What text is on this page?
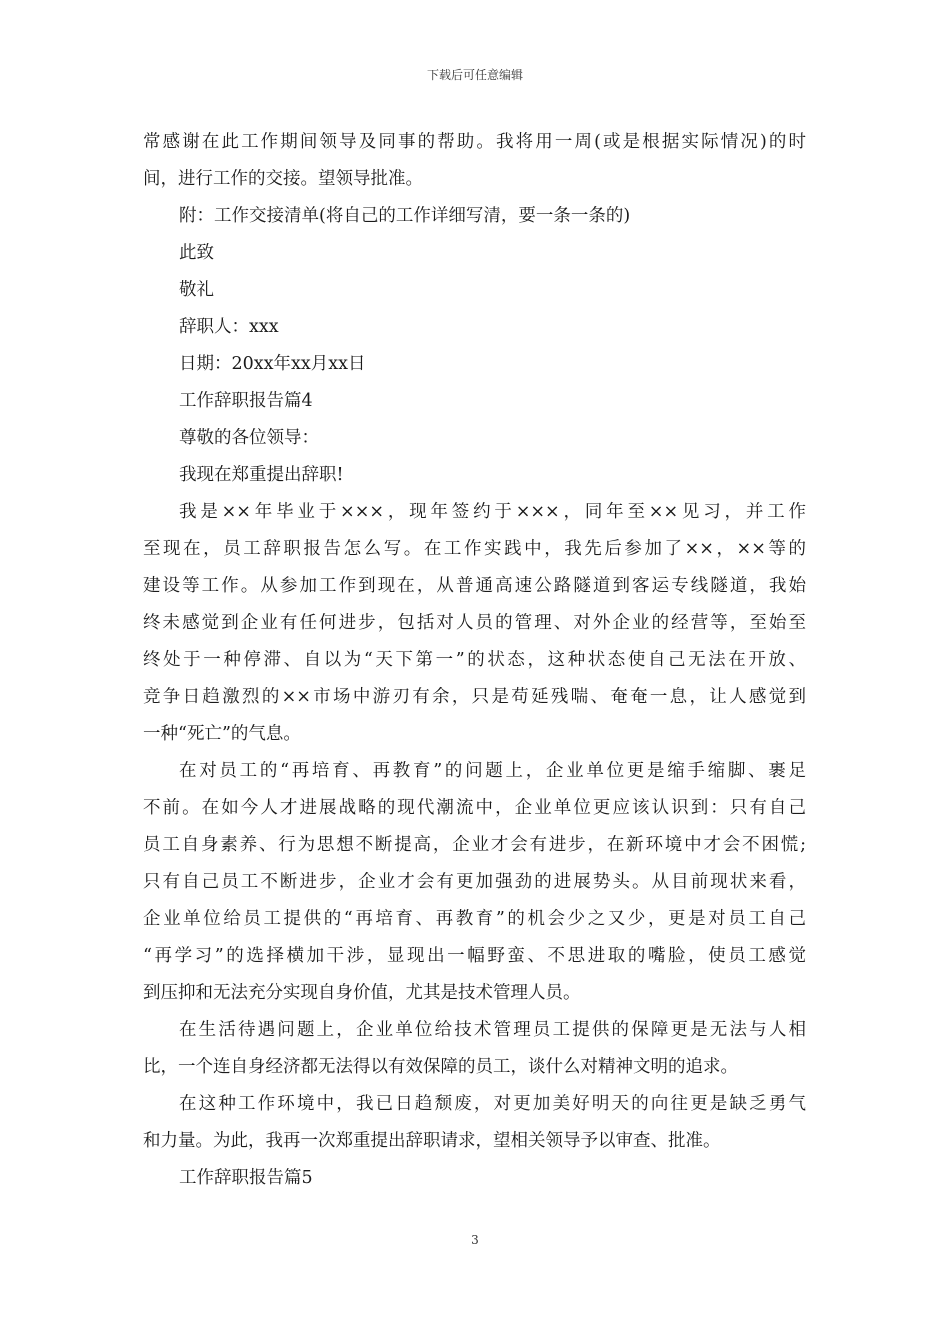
下载后可任意编辑
常感谢在此工作期间领导及同事的帮助。我将用一周(或是根据实际情况)的时
间，进行工作的交接。望领导批准。
附：工作交接清单(将自己的工作详细写清，要一条一条的)
此致
敬礼
辞职人：xxx
日期：20xx年xx月xx日
工作辞职报告篇4
尊敬的各位领导：
我现在郑重提出辞职!
我是××年毕业于×××，现年签约于×××，同年至××见习，并工作
至现在，员工辞职报告怎么写。在工作实践中，我先后参加了××，××等的
建设等工作。从参加工作到现在，从普通高速公路隧道到客运专线隧道，我始
终未感觉到企业有任何进步，包括对人员的管理、对外企业的经营等，至始至
终处于一种停滞、自以为“天下第一”的状态，这种状态使自己无法在开放、
竞争日趋激烈的××市场中游刃有余，只是苟延残喘、奄奄一息，让人感觉到
一种“死亡”的气息。
在对员工的“再培育、再教育”的问题上，企业单位更是缩手缩脚、裹足
不前。在如今人才进展战略的现代潮流中，企业单位更应该认识到：只有自己
员工自身素养、行为思想不断提高，企业才会有进步，在新环境中才会不困慌;
只有自己员工不断进步，企业才会有更加强劲的进展势头。从目前现状来看，
企业单位给员工提供的“再培育、再教育”的机会少之又少，更是对员工自己
“再学习”的选择横加干涉，显现出一幅野蛮、不思进取的嘴脸，使员工感觉
到压抑和无法充分实现自身价值，尤其是技术管理人员。
在生活待遇问题上，企业单位给技术管理员工提供的保障更是无法与人相
比，一个连自身经济都无法得以有效保障的员工，谈什么对精神文明的追求。
在这种工作环境中，我已日趋颓废，对更加美好明天的向往更是缺乏勇气
和力量。为此，我再一次郑重提出辞职请求，望相关领导予以审查、批准。
工作辞职报告篇5
3
